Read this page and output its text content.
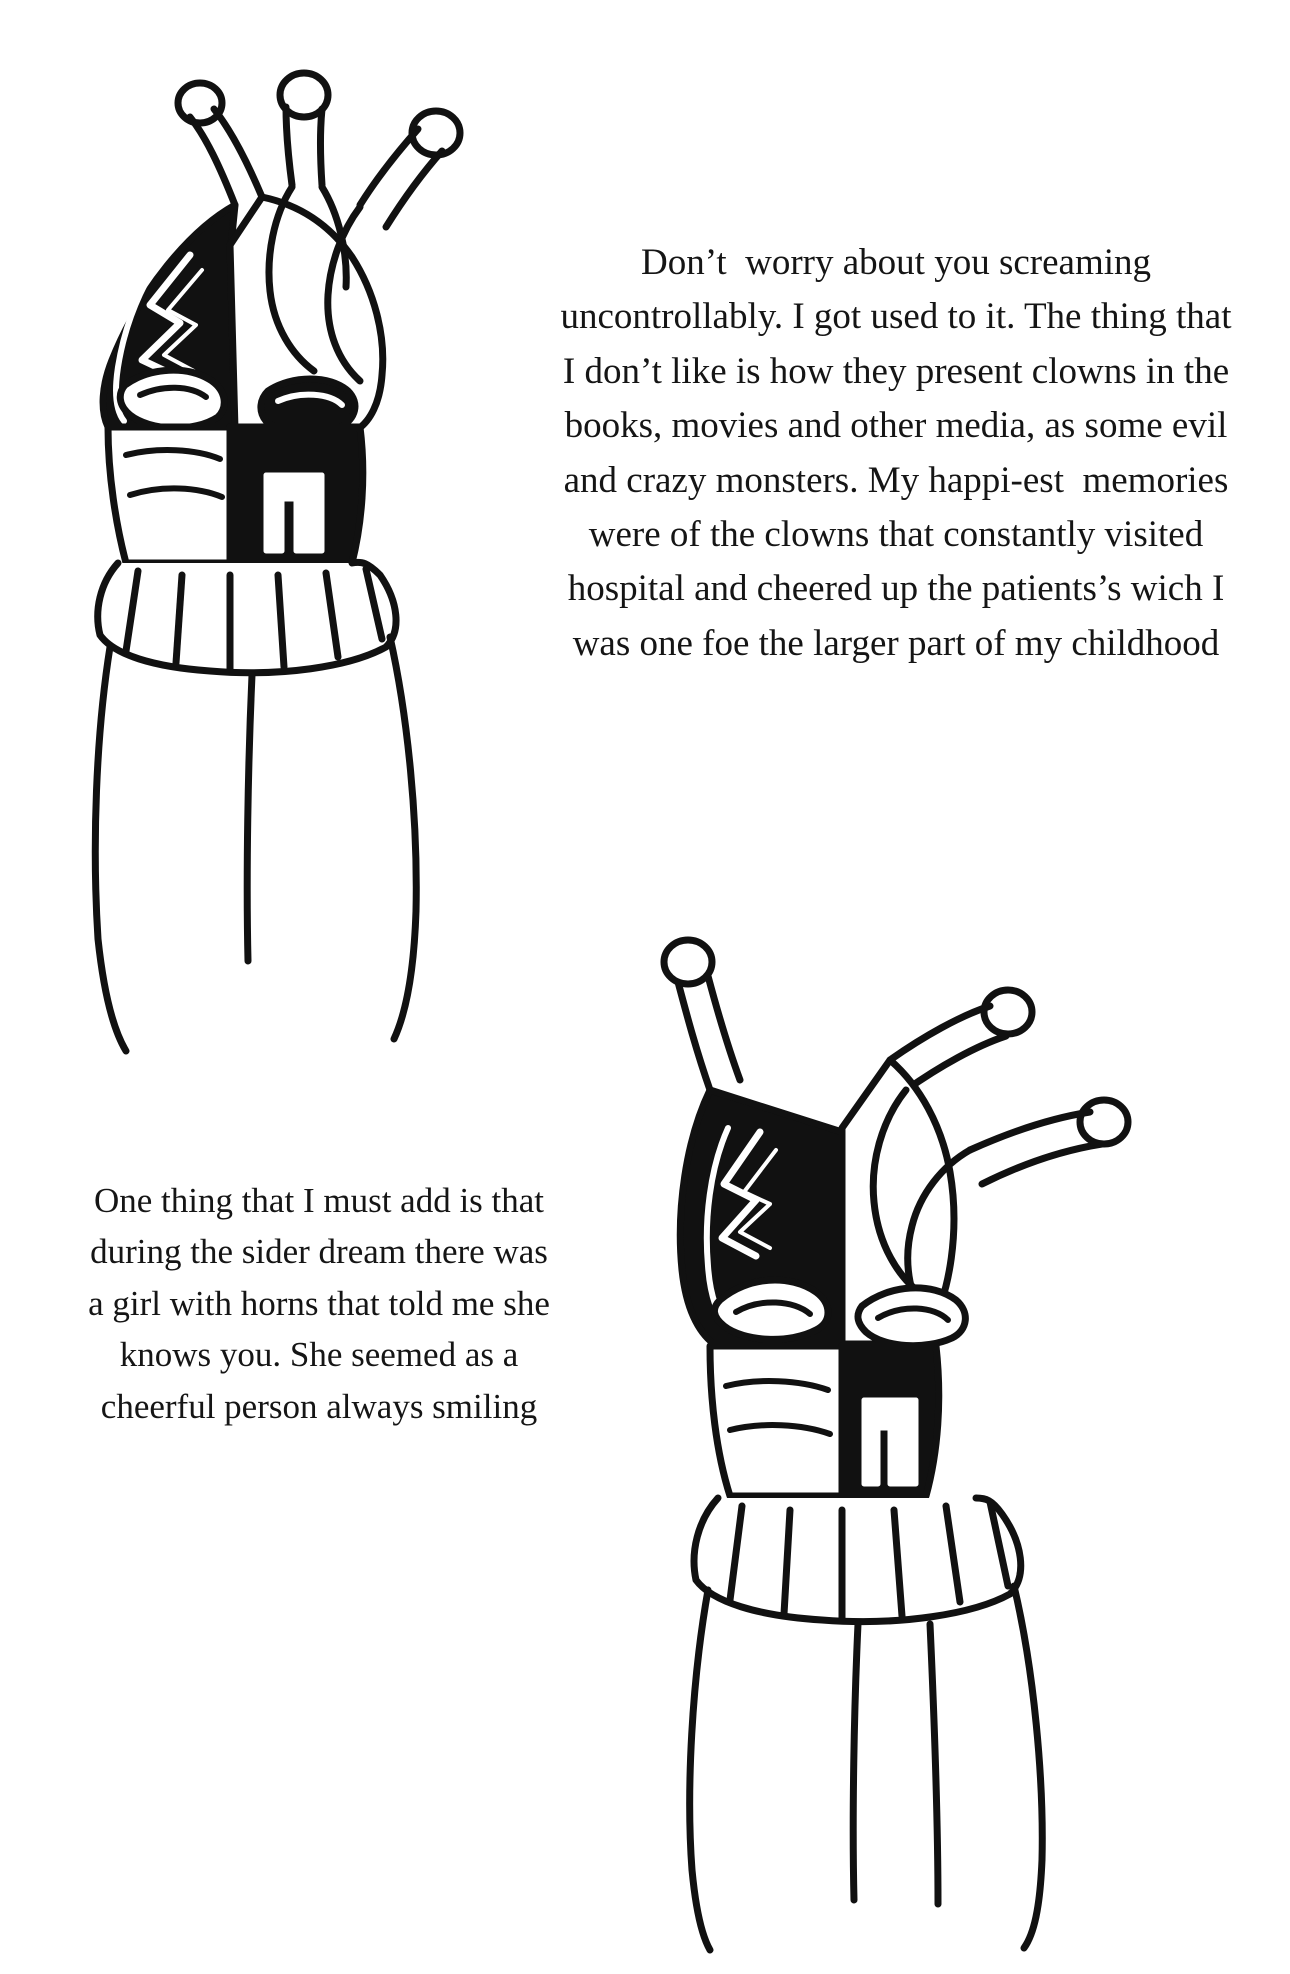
Don’t  worry about you screaming uncontrollably. I got used to it. The thing that I don’t like is how they present clowns in the books, movies and other media, as some evil and crazy monsters. My happi-est  memories were of the clowns that constantly visited hospital and cheered up the patients’s wich I was one foe the larger part of my childhood
One thing that I must add is that during the sider dream there was a girl with horns that told me she knows you. She seemed as a cheerful person always smiling
